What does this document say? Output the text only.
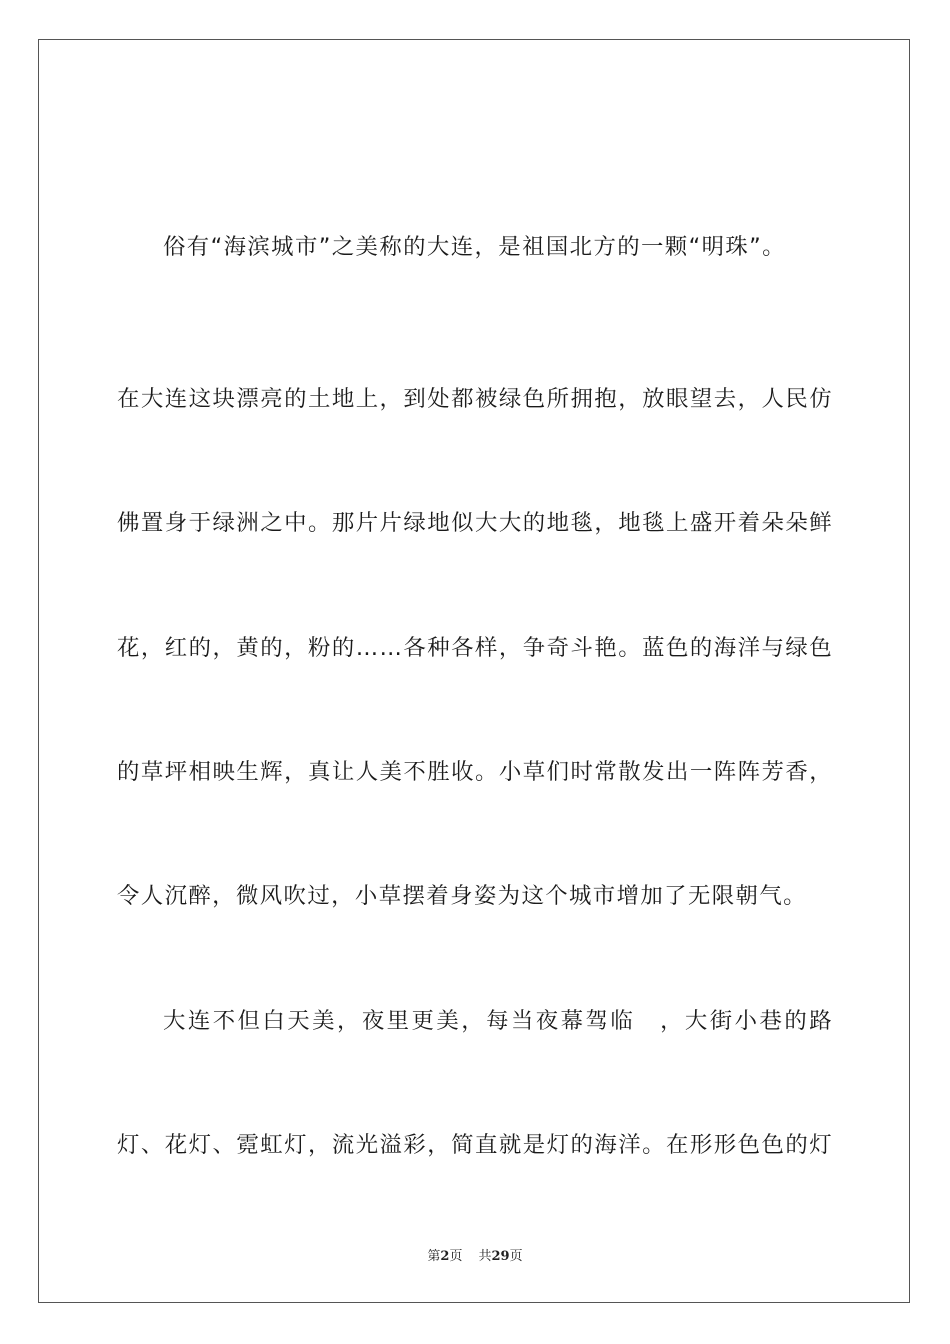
俗有“海滨城市”之美称的大连，是祖国北方的一颗“明珠”。
在大连这块漂亮的土地上，到处都被绿色所拥抱，放眼望去，人民仿
佛置身于绿洲之中。那片片绿地似大大的地毯，地毯上盛开着朵朵鲜
花，红的，黄的，粉的……各种各样，争奇斗艳。蓝色的海洋与绿色
的草坪相映生辉，真让人美不胜收。小草们时常散发出一阵阵芳香，
令人沉醉，微风吹过，小草摆着身姿为这个城市增加了无限朝气。
大连不但白天美，夜里更美，每当夜幕驾临　，大街小巷的路
灯、花灯、霓虹灯，流光溢彩，简直就是灯的海洋。在形形色色的灯
第2页 共29页
